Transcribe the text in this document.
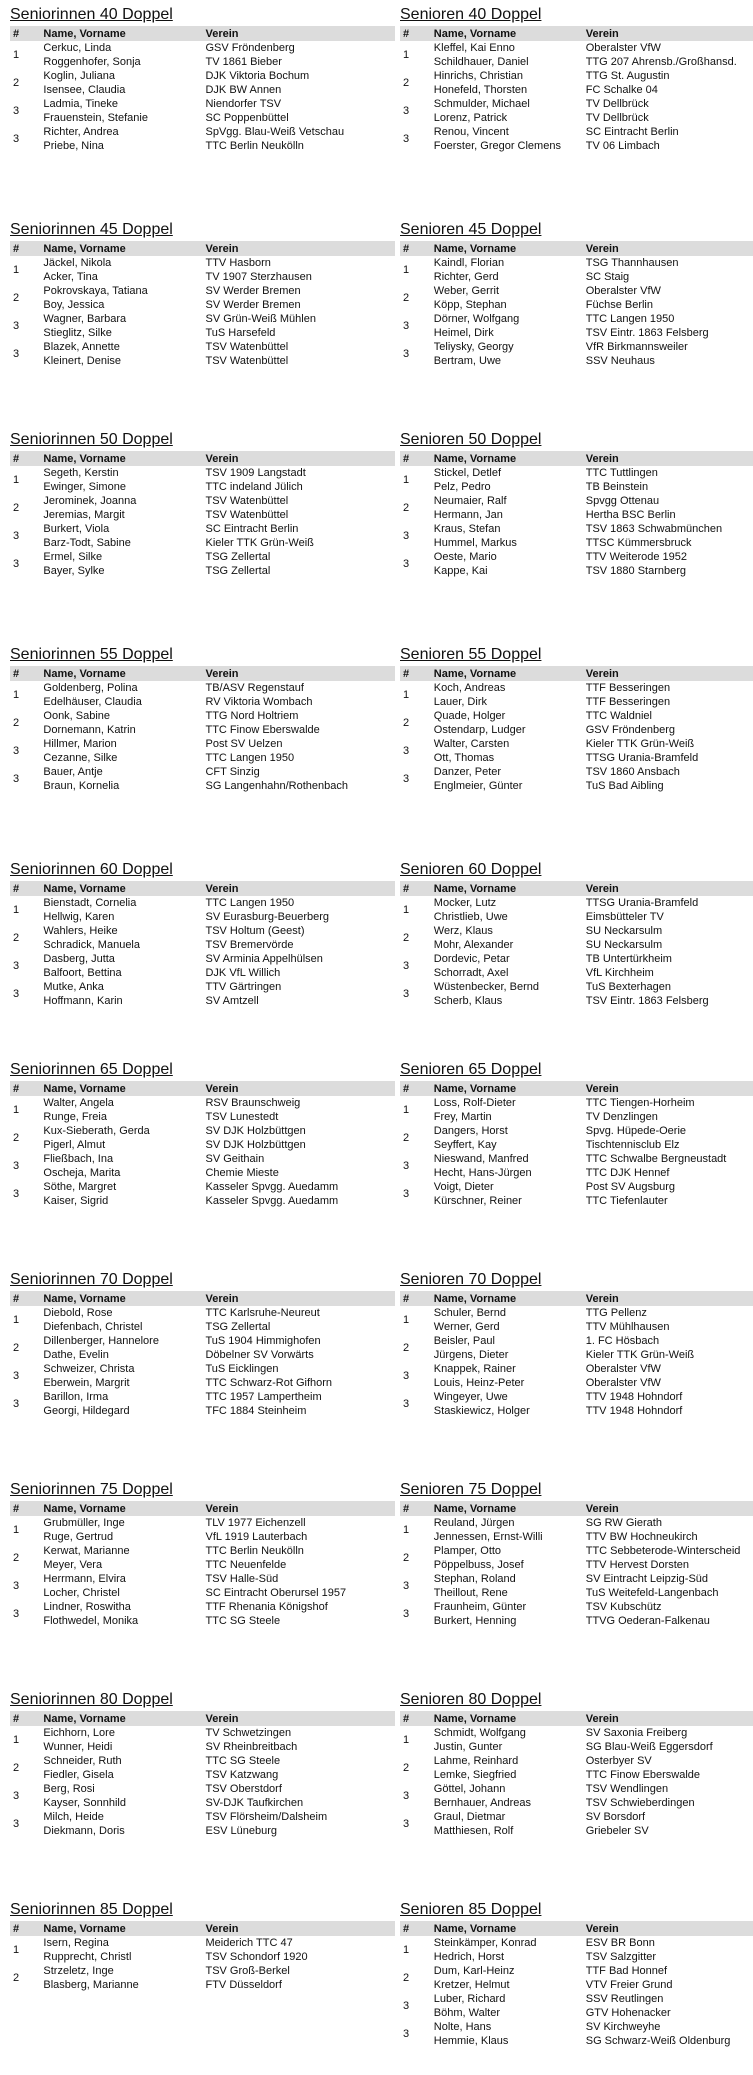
Seniorinnen 40 Doppel
#	Name, Vorname	Verein
1	Cerkuc, Linda	GSV Fröndenberg
	Roggenhofer, Sonja	TV 1861 Bieber
2	Koglin, Juliana	DJK Viktoria Bochum
	Isensee, Claudia	DJK BW Annen
3	Ladmia, Tineke	Niendorfer TSV
	Frauenstein, Stefanie	SC Poppenbüttel
3	Richter, Andrea	SpVgg. Blau-Weiß Vetschau
	Priebe, Nina	TTC Berlin Neukölln
Senioren 40 Doppel
#	Name, Vorname	Verein
1	Kleffel, Kai Enno	Oberalster VfW
	Schildhauer, Daniel	TTG 207 Ahrensb./Großhansd.
2	Hinrichs, Christian	TTG St. Augustin
	Honefeld, Thorsten	FC Schalke 04
3	Schmulder, Michael	TV Dellbrück
	Lorenz, Patrick	TV Dellbrück
3	Renou, Vincent	SC Eintracht Berlin
	Foerster, Gregor Clemens	TV 06 Limbach
Seniorinnen 45 Doppel
#	Name, Vorname	Verein
1	Jäckel, Nikola	TTV Hasborn
	Acker, Tina	TV 1907 Sterzhausen
2	Pokrovskaya, Tatiana	SV Werder Bremen
	Boy, Jessica	SV Werder Bremen
3	Wagner, Barbara	SV Grün-Weiß Mühlen
	Stieglitz, Silke	TuS Harsefeld
3	Blazek, Annette	TSV Watenbüttel
	Kleinert, Denise	TSV Watenbüttel
Senioren 45 Doppel
#	Name, Vorname	Verein
1	Kaindl, Florian	TSG Thannhausen
	Richter, Gerd	SC Staig
2	Weber, Gerrit	Oberalster VfW
	Köpp, Stephan	Füchse Berlin
3	Dörner, Wolfgang	TTC Langen 1950
	Heimel, Dirk	TSV Eintr. 1863 Felsberg
3	Teliysky, Georgy	VfR Birkmannsweiler
	Bertram, Uwe	SSV Neuhaus
Seniorinnen 50 Doppel
#	Name, Vorname	Verein
1	Segeth, Kerstin	TSV 1909 Langstadt
	Ewinger, Simone	TTC indeland Jülich
2	Jerominek, Joanna	TSV Watenbüttel
	Jeremias, Margit	TSV Watenbüttel
3	Burkert, Viola	SC Eintracht Berlin
	Barz-Todt, Sabine	Kieler TTK Grün-Weiß
3	Ermel, Silke	TSG Zellertal
	Bayer, Sylke	TSG Zellertal
Senioren 50 Doppel
#	Name, Vorname	Verein
1	Stickel, Detlef	TTC Tuttlingen
	Pelz, Pedro	TB Beinstein
2	Neumaier, Ralf	Spvgg Ottenau
	Hermann, Jan	Hertha BSC Berlin
3	Kraus, Stefan	TSV 1863 Schwabmünchen
	Hummel, Markus	TTSC Kümmersbruck
3	Oeste, Mario	TTV Weiterode 1952
	Kappe, Kai	TSV 1880 Starnberg
Seniorinnen 55 Doppel
#	Name, Vorname	Verein
1	Goldenberg, Polina	TB/ASV Regenstauf
	Edelhäuser, Claudia	RV Viktoria Wombach
2	Oonk, Sabine	TTG Nord Holtriem
	Dornemann, Katrin	TTC Finow Eberswalde
3	Hillmer, Marion	Post SV Uelzen
	Cezanne, Silke	TTC Langen 1950
3	Bauer, Antje	CFT Sinzig
	Braun, Kornelia	SG Langenhahn/Rothenbach
Senioren 55 Doppel
#	Name, Vorname	Verein
1	Koch, Andreas	TTF Besseringen
	Lauer, Dirk	TTF Besseringen
2	Quade, Holger	TTC Waldniel
	Ostendarp, Ludger	GSV Fröndenberg
3	Walter, Carsten	Kieler TTK Grün-Weiß
	Ott, Thomas	TTSG Urania-Bramfeld
3	Danzer, Peter	TSV 1860 Ansbach
	Englmeier, Günter	TuS Bad Aibling
Seniorinnen 60 Doppel
#	Name, Vorname	Verein
1	Bienstadt, Cornelia	TTC Langen 1950
	Hellwig, Karen	SV Eurasburg-Beuerberg
2	Wahlers, Heike	TSV Holtum (Geest)
	Schradick, Manuela	TSV Bremervörde
3	Dasberg, Jutta	SV Arminia Appelhülsen
	Balfoort, Bettina	DJK VfL Willich
3	Mutke, Anka	TTV Gärtringen
	Hoffmann, Karin	SV Amtzell
Senioren 60 Doppel
#	Name, Vorname	Verein
1	Mocker, Lutz	TTSG Urania-Bramfeld
	Christlieb, Uwe	Eimsbütteler TV
2	Werz, Klaus	SU Neckarsulm
	Mohr, Alexander	SU Neckarsulm
3	Dordevic, Petar	TB Untertürkheim
	Schorradt, Axel	VfL Kirchheim
3	Wüstenbecker, Bernd	TuS Bexterhagen
	Scherb, Klaus	TSV Eintr. 1863 Felsberg
Seniorinnen 65 Doppel
#	Name, Vorname	Verein
1	Walter, Angela	RSV Braunschweig
	Runge, Freia	TSV Lunestedt
2	Kux-Sieberath, Gerda	SV DJK Holzbüttgen
	Pigerl, Almut	SV DJK Holzbüttgen
3	Fließbach, Ina	SV Geithain
	Oscheja, Marita	Chemie Mieste
3	Söthe, Margret	Kasseler Spvgg. Auedamm
	Kaiser, Sigrid	Kasseler Spvgg. Auedamm
Senioren 65 Doppel
#	Name, Vorname	Verein
1	Loss, Rolf-Dieter	TTC Tiengen-Horheim
	Frey, Martin	TV Denzlingen
2	Dangers, Horst	Spvg. Hüpede-Oerie
	Seyffert, Kay	Tischtennisclub Elz
3	Nieswand, Manfred	TTC Schwalbe Bergneustadt
	Hecht, Hans-Jürgen	TTC DJK Hennef
3	Voigt, Dieter	Post SV Augsburg
	Kürschner, Reiner	TTC Tiefenlauter
Seniorinnen 70 Doppel
#	Name, Vorname	Verein
1	Diebold, Rose	TTC Karlsruhe-Neureut
	Diefenbach, Christel	TSG Zellertal
2	Dillenberger, Hannelore	TuS 1904 Himmighofen
	Dathe, Evelin	Döbelner SV Vorwärts
3	Schweizer, Christa	TuS Eicklingen
	Eberwein, Margrit	TTC Schwarz-Rot Gifhorn
3	Barillon, Irma	TTC 1957 Lampertheim
	Georgi, Hildegard	TFC 1884 Steinheim
Senioren 70 Doppel
#	Name, Vorname	Verein
1	Schuler, Bernd	TTG Pellenz
	Werner, Gerd	TTV Mühlhausen
2	Beisler, Paul	1. FC Hösbach
	Jürgens, Dieter	Kieler TTK Grün-Weiß
3	Knappek, Rainer	Oberalster VfW
	Louis, Heinz-Peter	Oberalster VfW
3	Wingeyer, Uwe	TTV 1948 Hohndorf
	Staskiewicz, Holger	TTV 1948 Hohndorf
Seniorinnen 75 Doppel
#	Name, Vorname	Verein
1	Grubmüller, Inge	TLV 1977 Eichenzell
	Ruge, Gertrud	VfL 1919 Lauterbach
2	Kerwat, Marianne	TTC Berlin Neukölln
	Meyer, Vera	TTC Neuenfelde
3	Herrmann, Elvira	TSV Halle-Süd
	Locher, Christel	SC Eintracht Oberursel 1957
3	Lindner, Roswitha	TTF Rhenania Königshof
	Flothwedel, Monika	TTC SG Steele
Senioren 75 Doppel
#	Name, Vorname	Verein
1	Reuland, Jürgen	SG RW Gierath
	Jennessen, Ernst-Willi	TTV BW Hochneukirch
2	Plamper, Otto	TTC Sebbeterode-Winterscheid
	Pöppelbuss, Josef	TTV Hervest Dorsten
3	Stephan, Roland	SV Eintracht Leipzig-Süd
	Theillout, Rene	TuS Weitefeld-Langenbach
3	Fraunheim, Günter	TSV Kubschütz
	Burkert, Henning	TTVG Oederan-Falkenau
Seniorinnen 80 Doppel
#	Name, Vorname	Verein
1	Eichhorn, Lore	TV Schwetzingen
	Wunner, Heidi	SV Rheinbreitbach
2	Schneider, Ruth	TTC SG Steele
	Fiedler, Gisela	TSV Katzwang
3	Berg, Rosi	TSV Oberstdorf
	Kayser, Sonnhild	SV-DJK Taufkirchen
3	Milch, Heide	TSV Flörsheim/Dalsheim
	Diekmann, Doris	ESV Lüneburg
Senioren 80 Doppel
#	Name, Vorname	Verein
1	Schmidt, Wolfgang	SV Saxonia Freiberg
	Justin, Gunter	SG Blau-Weiß Eggersdorf
2	Lahme, Reinhard	Osterbyer SV
	Lemke, Siegfried	TTC Finow Eberswalde
3	Göttel, Johann	TSV Wendlingen
	Bernhauer, Andreas	TSV Schwieberdingen
3	Graul, Dietmar	SV Borsdorf
	Matthiesen, Rolf	Griebeler SV
Seniorinnen 85 Doppel
#	Name, Vorname	Verein
1	Isern, Regina	Meiderich TTC 47
	Rupprecht, Christl	TSV Schondorf 1920
2	Strzeletz, Inge	TSV Groß-Berkel
	Blasberg, Marianne	FTV Düsseldorf
Senioren 85 Doppel
#	Name, Vorname	Verein
1	Steinkämper, Konrad	ESV BR Bonn
	Hedrich, Horst	TSV Salzgitter
2	Dum, Karl-Heinz	TTF Bad Honnef
	Kretzer, Helmut	VTV Freier Grund
3	Luber, Richard	SSV Reutlingen
	Böhm, Walter	GTV Hohenacker
3	Nolte, Hans	SV Kirchweyhe
	Hemmie, Klaus	SG Schwarz-Weiß Oldenburg
